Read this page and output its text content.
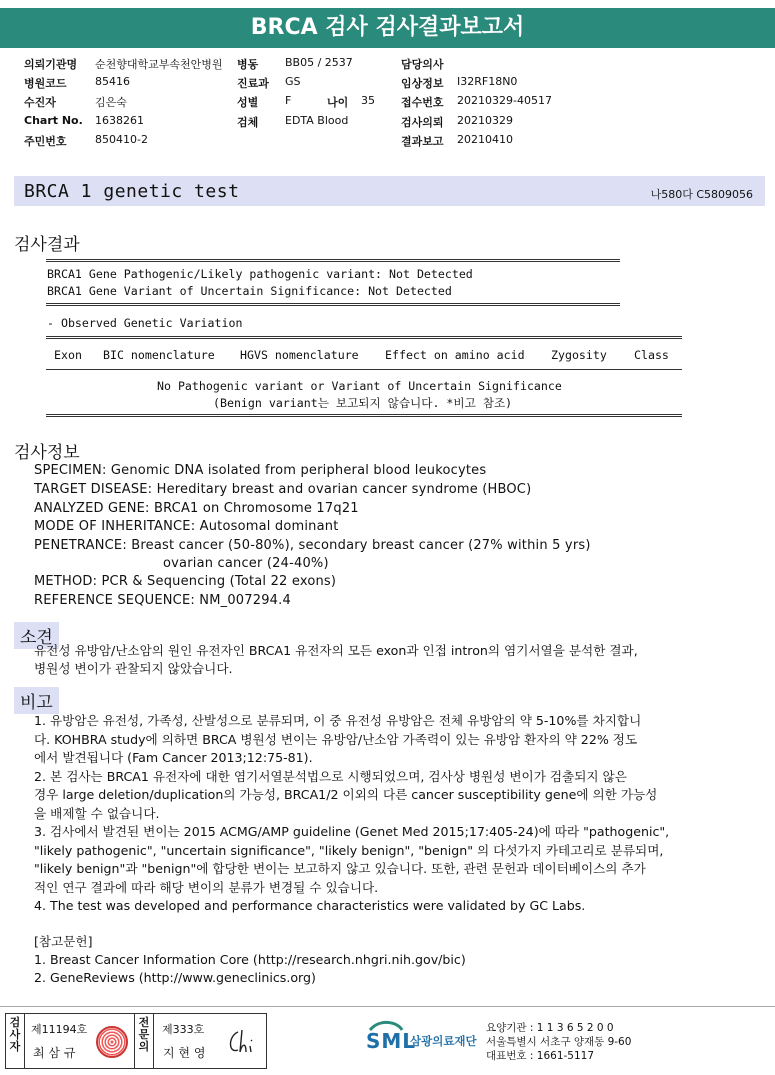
BRCA 검사 검사결과보고서
의뢰기관명 순천향대학교부속천안병원 병동 BB05 / 2537	담당의사
병원코드	85416	진료과 GS	임상정보 I32RF18N0
수진자	김은숙	성별 F	나이 35 접수번호 20210329-40517
Chart No. 1638261	검체 EDTA Blood	검사의뢰 20210329
주민번호	850410-2	결과보고 20210410
BRCA 1 genetic test	나580다 C5809056
검사결과
BRCA1 Gene Pathogenic/Likely pathogenic variant: Not Detected
BRCA1 Gene Variant of Uncertain Significance: Not Detected
- Observed Genetic Variation
Exon BIC nomenclature HGVS nomenclature Effect on amino acid Zygosity Class
No Pathogenic variant or Variant of Uncertain Significance
(Benign variant는 보고되지 않습니다. *비고 참조)
검사정보
SPECIMEN: Genomic DNA isolated from peripheral blood leukocytes
TARGET DISEASE: Hereditary breast and ovarian cancer syndrome (HBOC)
ANALYZED GENE: BRCA1 on Chromosome 17q21
MODE OF INHERITANCE: Autosomal dominant
PENETRANCE: Breast cancer (50-80%), secondary breast cancer (27% within 5 yrs)
ovarian cancer (24-40%)
METHOD: PCR & Sequencing (Total 22 exons)
REFERENCE SEQUENCE: NM_007294.4
소견
유전성 유방암/난소암의 원인 유전자인 BRCA1 유전자의 모든 exon과 인접 intron의 염기서열을 분석한 결과,
병원성 변이가 관찰되지 않았습니다.
비고
1. 유방암은 유전성, 가족성, 산발성으로 분류되며, 이 중 유전성 유방암은 전체 유방암의 약 5-10%를 차지합니
다. KOHBRA study에 의하면 BRCA 병원성 변이는 유방암/난소암 가족력이 있는 유방암 환자의 약 22% 정도
에서 발견됩니다 (Fam Cancer 2013;12:75-81).
2. 본 검사는 BRCA1 유전자에 대한 염기서열분석법으로 시행되었으며, 검사상 병원성 변이가 검출되지 않은
경우 large deletion/duplication의 가능성, BRCA1/2 이외의 다른 cancer susceptibility gene에 의한 가능성
을 배제할 수 없습니다.
3. 검사에서 발견된 변이는 2015 ACMG/AMP guideline (Genet Med 2015;17:405-24)에 따라 "pathogenic",
"likely pathogenic", "uncertain significance", "likely benign", "benign" 의 다섯가지 카테고리로 분류되며,
"likely benign"과 "benign"에 합당한 변이는 보고하지 않고 있습니다. 또한, 관련 문헌과 데이터베이스의 추가
적인 연구 결과에 따라 해당 변이의 분류가 변경될 수 있습니다.
4. The test was developed and performance characteristics were validated by GC Labs.
[참고문헌]
1. Breast Cancer Information Core (http://research.nhgri.nih.gov/bic)
2. GeneReviews (http://www.geneclinics.org)
검사자
제11194호
최 삼 규
전문의
제333호
지 현 영	SML
삼광의료재단
요양기관 : 1 1 3 6 5 2 0 0
서울특별시 서초구 양재동 9-60
대표번호 : 1661-5117
